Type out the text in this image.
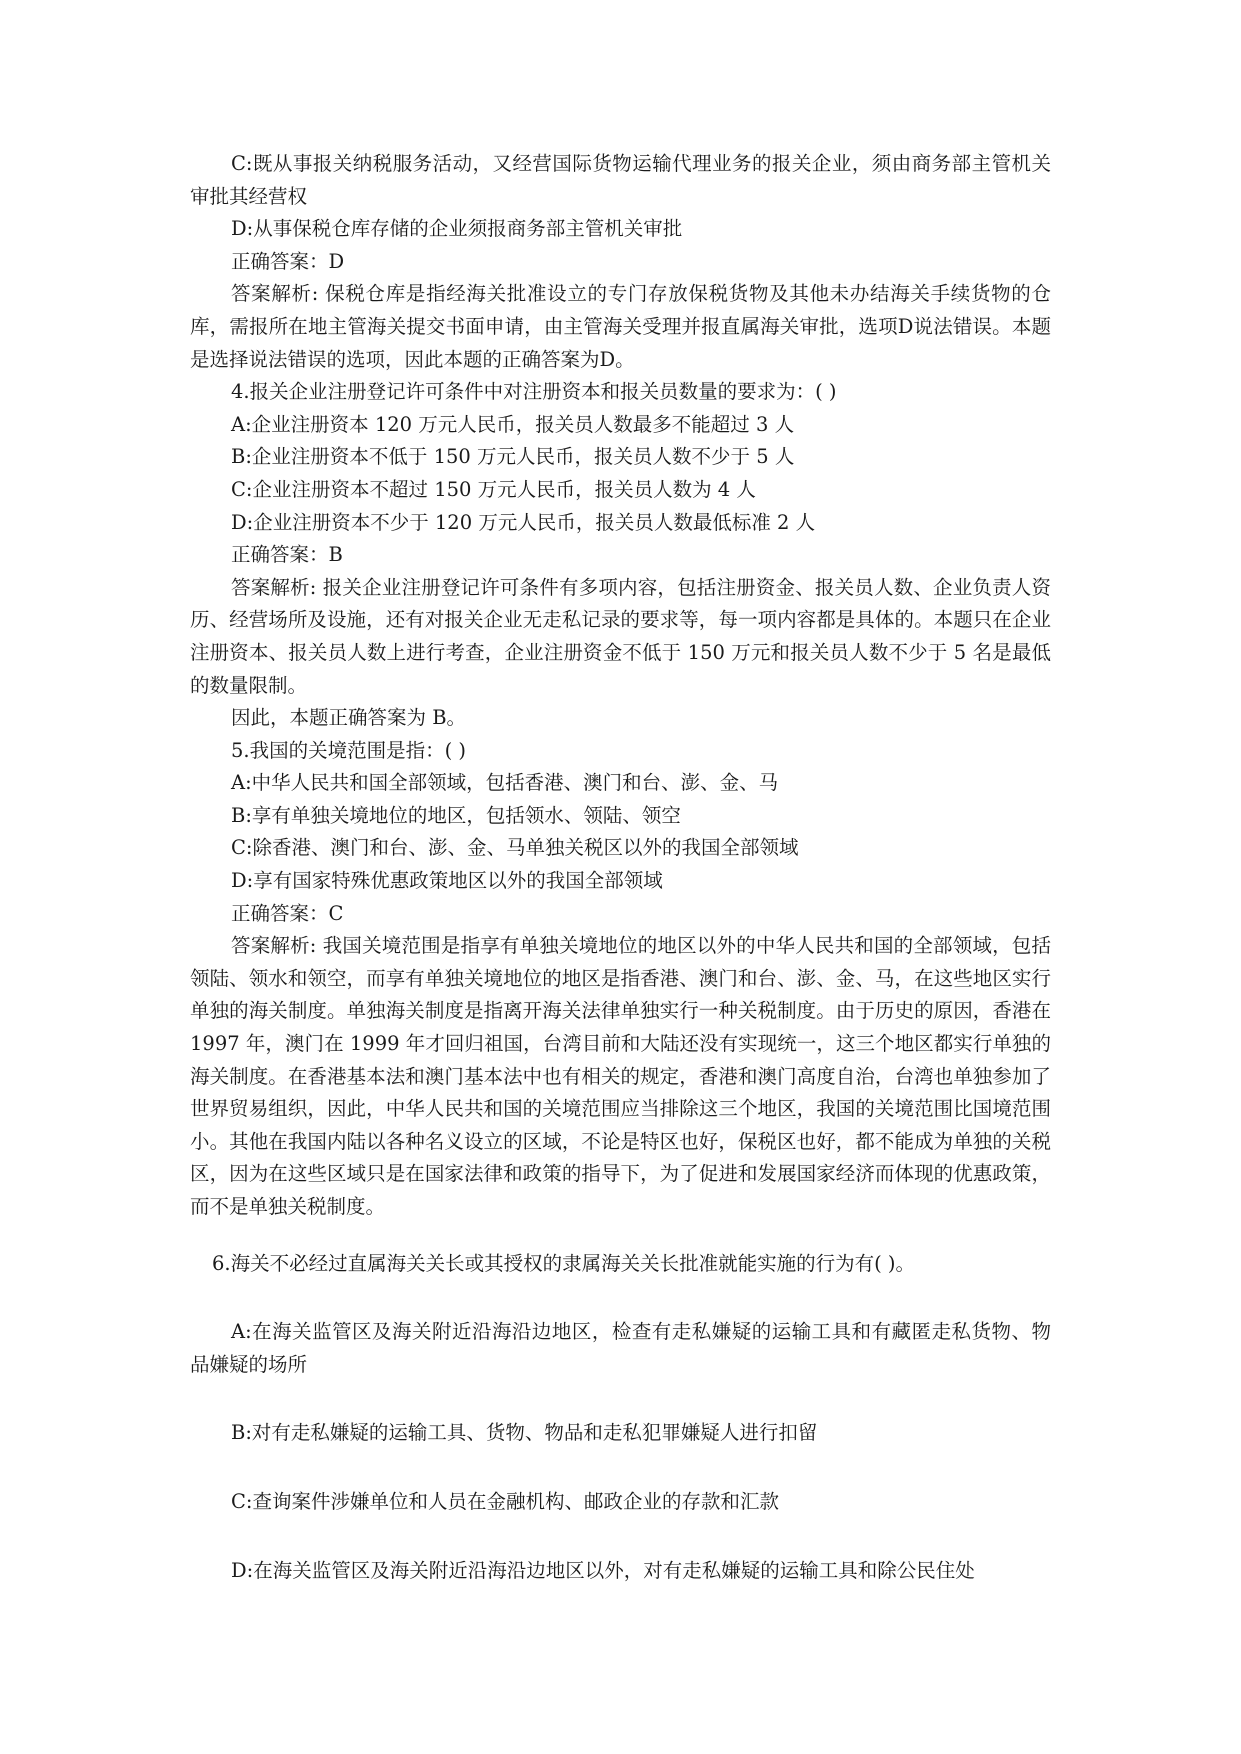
C:既从事报关纳税服务活动，又经营国际货物运输代理业务的报关企业，须由商务部主管机关审批其经营权

D:从事保税仓库存储的企业须报商务部主管机关审批

正确答案：D

答案解析: 保税仓库是指经海关批准设立的专门存放保税货物及其他未办结海关手续货物的仓库，需报所在地主管海关提交书面申请，由主管海关受理并报直属海关审批，选项D说法错误。本题是选择说法错误的选项，因此本题的正确答案为D。

4.报关企业注册登记许可条件中对注册资本和报关员数量的要求为：( )

A:企业注册资本 120 万元人民币，报关员人数最多不能超过 3 人

B:企业注册资本不低于 150 万元人民币，报关员人数不少于 5 人

C:企业注册资本不超过 150 万元人民币，报关员人数为 4 人

D:企业注册资本不少于 120 万元人民币，报关员人数最低标准 2 人

正确答案：B

答案解析: 报关企业注册登记许可条件有多项内容，包括注册资金、报关员人数、企业负责人资历、经营场所及设施，还有对报关企业无走私记录的要求等，每一项内容都是具体的。本题只在企业注册资本、报关员人数上进行考查，企业注册资金不低于 150 万元和报关员人数不少于 5 名是最低的数量限制。

因此，本题正确答案为 B。

5.我国的关境范围是指：( )

A:中华人民共和国全部领域，包括香港、澳门和台、澎、金、马

B:享有单独关境地位的地区，包括领水、领陆、领空

C:除香港、澳门和台、澎、金、马单独关税区以外的我国全部领域

D:享有国家特殊优惠政策地区以外的我国全部领域

正确答案：C

答案解析: 我国关境范围是指享有单独关境地位的地区以外的中华人民共和国的全部领域，包括领陆、领水和领空，而享有单独关境地位的地区是指香港、澳门和台、澎、金、马，在这些地区实行单独的海关制度。单独海关制度是指离开海关法律单独实行一种关税制度。由于历史的原因，香港在 1997 年，澳门在 1999 年才回归祖国，台湾目前和大陆还没有实现统一，这三个地区都实行单独的海关制度。在香港基本法和澳门基本法中也有相关的规定，香港和澳门高度自治，台湾也单独参加了世界贸易组织，因此，中华人民共和国的关境范围应当排除这三个地区，我国的关境范围比国境范围小。其他在我国内陆以各种名义设立的区域，不论是特区也好，保税区也好，都不能成为单独的关税区，因为在这些区域只是在国家法律和政策的指导下，为了促进和发展国家经济而体现的优惠政策，而不是单独关税制度。

6.海关不必经过直属海关关长或其授权的隶属海关关长批准就能实施的行为有( )。

A:在海关监管区及海关附近沿海沿边地区，检查有走私嫌疑的运输工具和有藏匿走私货物、物品嫌疑的场所

B:对有走私嫌疑的运输工具、货物、物品和走私犯罪嫌疑人进行扣留

C:查询案件涉嫌单位和人员在金融机构、邮政企业的存款和汇款

D:在海关监管区及海关附近沿海沿边地区以外，对有走私嫌疑的运输工具和除公民住处
